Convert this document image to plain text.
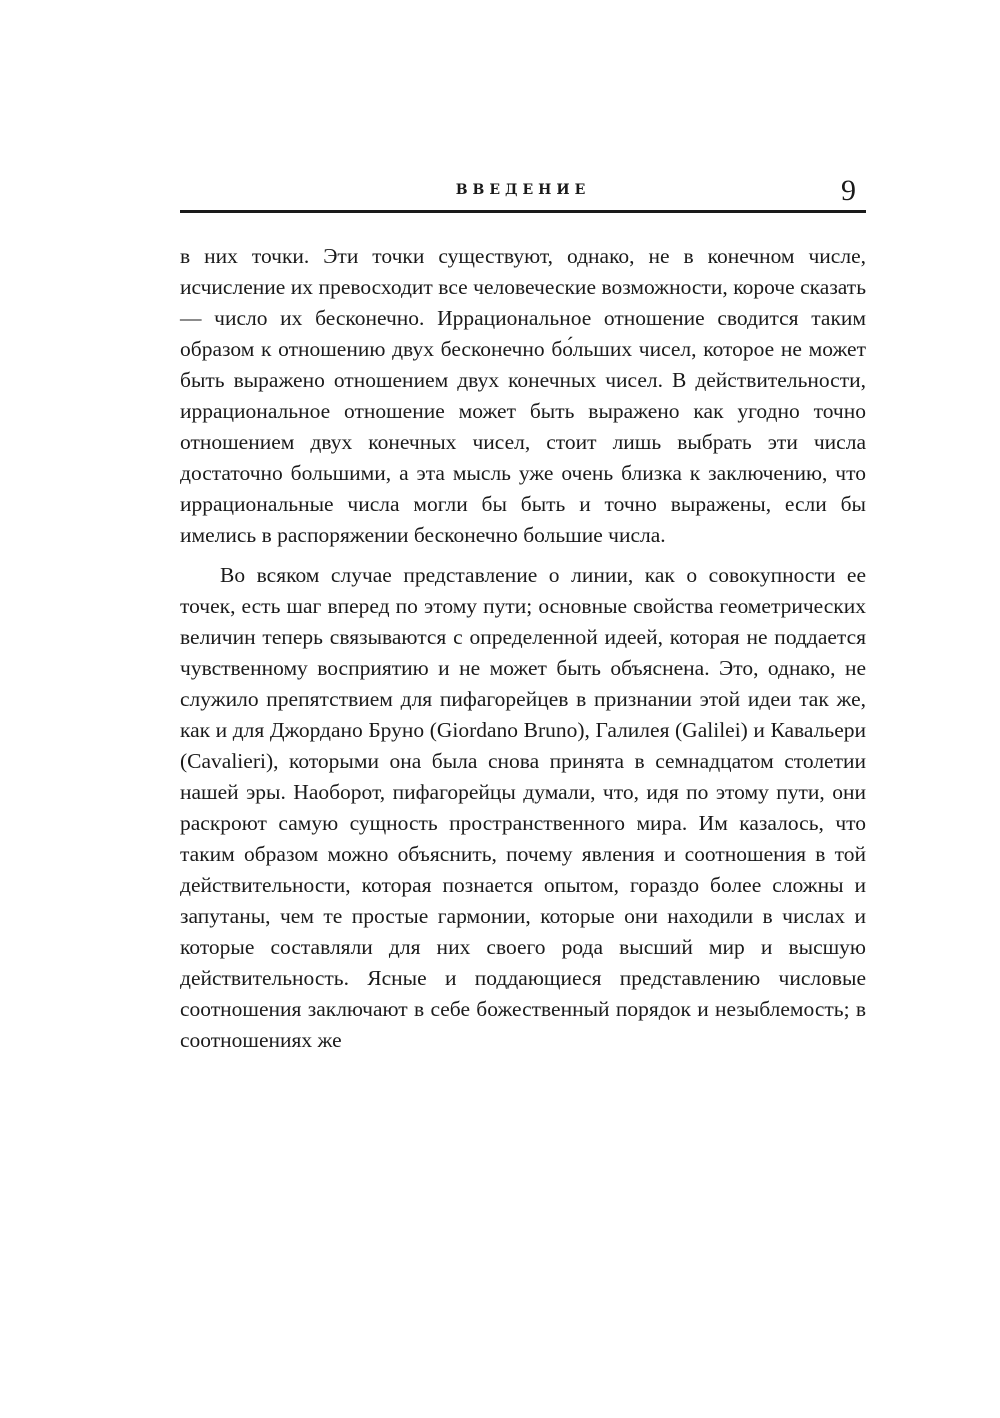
ВВЕДЕНИЕ	9

в них точки. Эти точки существуют, однако, не в конечном числе, исчисление их превосходит все человеческие возможности, короче сказать — число их бесконечно. Иррациональное отношение сводится таким образом к отношению двух бесконечно бо́льших чисел, которое не может быть выражено отношением двух конечных чисел. В действительности, иррациональное отношение может быть выражено как угодно точно отношением двух конечных чисел, стоит лишь выбрать эти числа достаточно большими, а эта мысль уже очень близка к заключению, что иррациональные числа могли бы быть и точно выражены, если бы имелись в распоряжении бесконечно большие числа.

Во всяком случае представление о линии, как о совокупности ее точек, есть шаг вперед по этому пути; основные свойства геометрических величин теперь связываются с определенной идеей, которая не поддается чувственному восприятию и не может быть объяснена. Это, однако, не служило препятствием для пифагорейцев в признании этой идеи так же, как и для Джордано Бруно (Giordano Bruno), Галилея (Galilei) и Кавальери (Cavalieri), которыми она была снова принята в семнадцатом столетии нашей эры. Наоборот, пифагорейцы думали, что, идя по этому пути, они раскроют самую сущность пространственного мира. Им казалось, что таким образом можно объяснить, почему явления и соотношения в той действительности, которая познается опытом, гораздо более сложны и запутаны, чем те простые гармонии, которые они находили в числах и которые составляли для них своего рода высший мир и высшую действительность. Ясные и поддающиеся представлению числовые соотношения заключают в себе божественный порядок и незыблемость; в соотношениях же
